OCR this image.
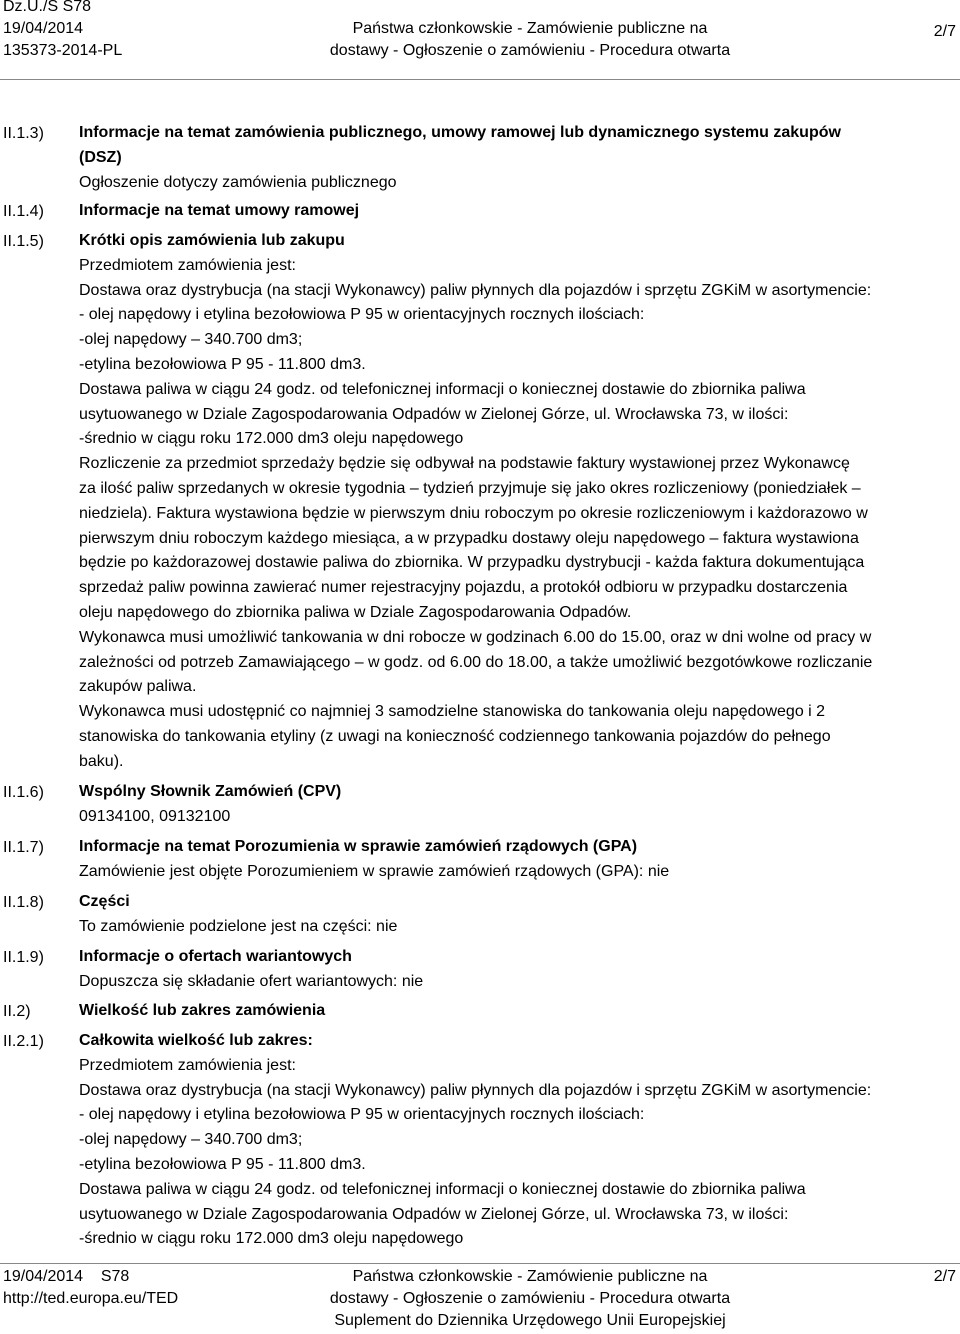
Dz.U./S S78
19/04/2014
135373-2014-PL
Państwa członkowskie - Zamówienie publiczne na
dostawy - Ogłoszenie o zamówieniu - Procedura otwarta
2/7
II.1.3)	Informacje na temat zamówienia publicznego, umowy ramowej lub dynamicznego systemu zakupów
(DSZ)
Ogłoszenie dotyczy zamówienia publicznego
II.1.4)	Informacje na temat umowy ramowej
II.1.5)	Krótki opis zamówienia lub zakupu
Przedmiotem zamówienia jest:
Dostawa oraz dystrybucja (na stacji Wykonawcy) paliw płynnych dla pojazdów i sprzętu ZGKiM w asortymencie:
- olej napędowy i etylina bezołowiowa P 95 w orientacyjnych rocznych ilościach:
-olej napędowy – 340.700 dm3;
-etylina bezołowiowa P 95 - 11.800 dm3.
Dostawa paliwa w ciągu 24 godz. od telefonicznej informacji o koniecznej dostawie do zbiornika paliwa
usytuowanego w Dziale Zagospodarowania Odpadów w Zielonej Górze, ul. Wrocławska 73, w ilości:
-średnio w ciągu roku 172.000 dm3 oleju napędowego
Rozliczenie za przedmiot sprzedaży będzie się odbywał na podstawie faktury wystawionej przez Wykonawcę
za ilość paliw sprzedanych w okresie tygodnia – tydzień przyjmuje się jako okres rozliczeniowy (poniedziałek –
niedziela). Faktura wystawiona będzie w pierwszym dniu roboczym po okresie rozliczeniowym i każdorazowo w
pierwszym dniu roboczym każdego miesiąca, a w przypadku dostawy oleju napędowego – faktura wystawiona
będzie po każdorazowej dostawie paliwa do zbiornika. W przypadku dystrybucji - każda faktura dokumentująca
sprzedaż paliw powinna zawierać numer rejestracyjny pojazdu, a protokół odbioru w przypadku dostarczenia
oleju napędowego do zbiornika paliwa w Dziale Zagospodarowania Odpadów.
Wykonawca musi umożliwić tankowania w dni robocze w godzinach 6.00 do 15.00, oraz w dni wolne od pracy w
zależności od potrzeb Zamawiającego – w godz. od 6.00 do 18.00, a także umożliwić bezgotówkowe rozliczanie
zakupów paliwa.
Wykonawca musi udostępnić co najmniej 3 samodzielne stanowiska do tankowania oleju napędowego i 2
stanowiska do tankowania etyliny (z uwagi na konieczność codziennego tankowania pojazdów do pełnego
baku).
II.1.6)	Wspólny Słownik Zamówień (CPV)
09134100, 09132100
II.1.7)	Informacje na temat Porozumienia w sprawie zamówień rządowych (GPA)
Zamówienie jest objęte Porozumieniem w sprawie zamówień rządowych (GPA): nie
II.1.8)	Części
To zamówienie podzielone jest na części: nie
II.1.9)	Informacje o ofertach wariantowych
Dopuszcza się składanie ofert wariantowych: nie
II.2)	Wielkość lub zakres zamówienia
II.2.1)	Całkowita wielkość lub zakres:
Przedmiotem zamówienia jest:
Dostawa oraz dystrybucja (na stacji Wykonawcy) paliw płynnych dla pojazdów i sprzętu ZGKiM w asortymencie:
- olej napędowy i etylina bezołowiowa P 95 w orientacyjnych rocznych ilościach:
-olej napędowy – 340.700 dm3;
-etylina bezołowiowa P 95 - 11.800 dm3.
Dostawa paliwa w ciągu 24 godz. od telefonicznej informacji o koniecznej dostawie do zbiornika paliwa
usytuowanego w Dziale Zagospodarowania Odpadów w Zielonej Górze, ul. Wrocławska 73, w ilości:
-średnio w ciągu roku 172.000 dm3 oleju napędowego
19/04/2014    S78
http://ted.europa.eu/TED
Państwa członkowskie - Zamówienie publiczne na
dostawy - Ogłoszenie o zamówieniu - Procedura otwarta
Suplement do Dziennika Urzędowego Unii Europejskiej
2/7
